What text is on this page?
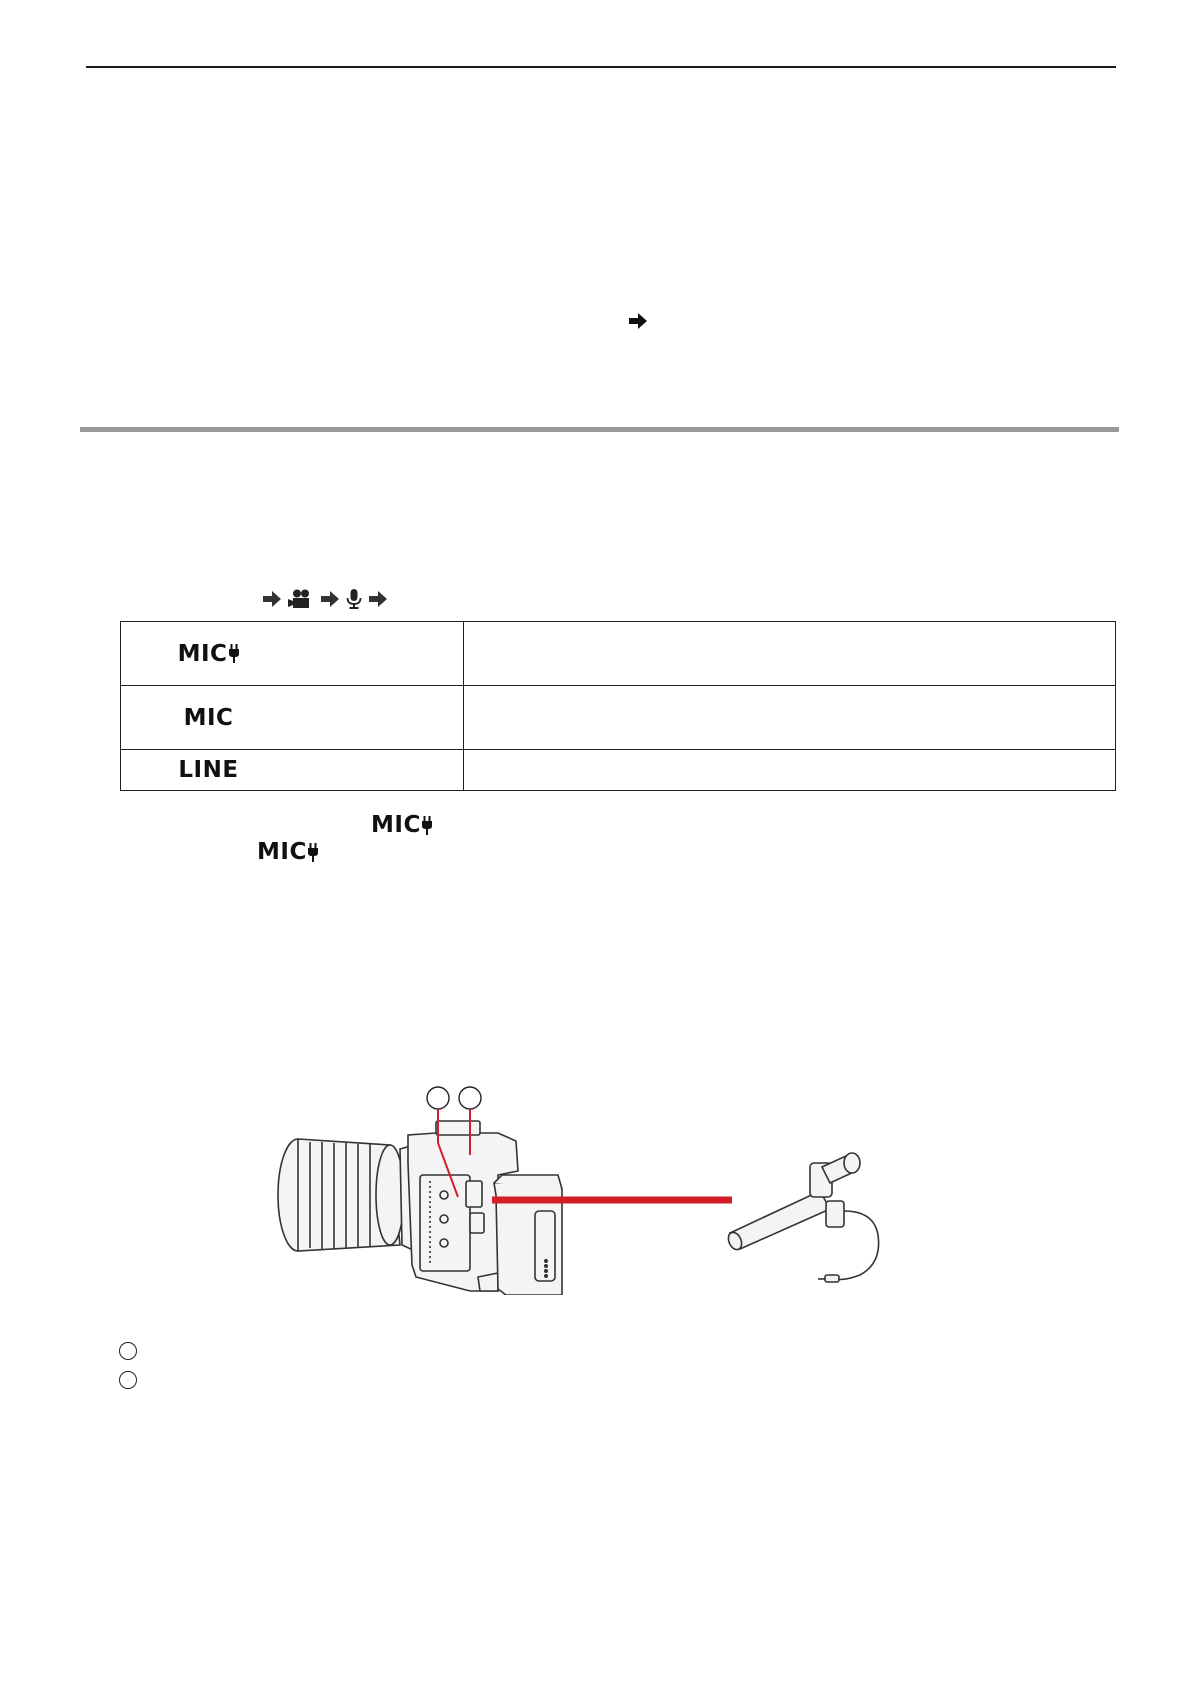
MIC	

MIC	

LINE	

MIC
MIC
